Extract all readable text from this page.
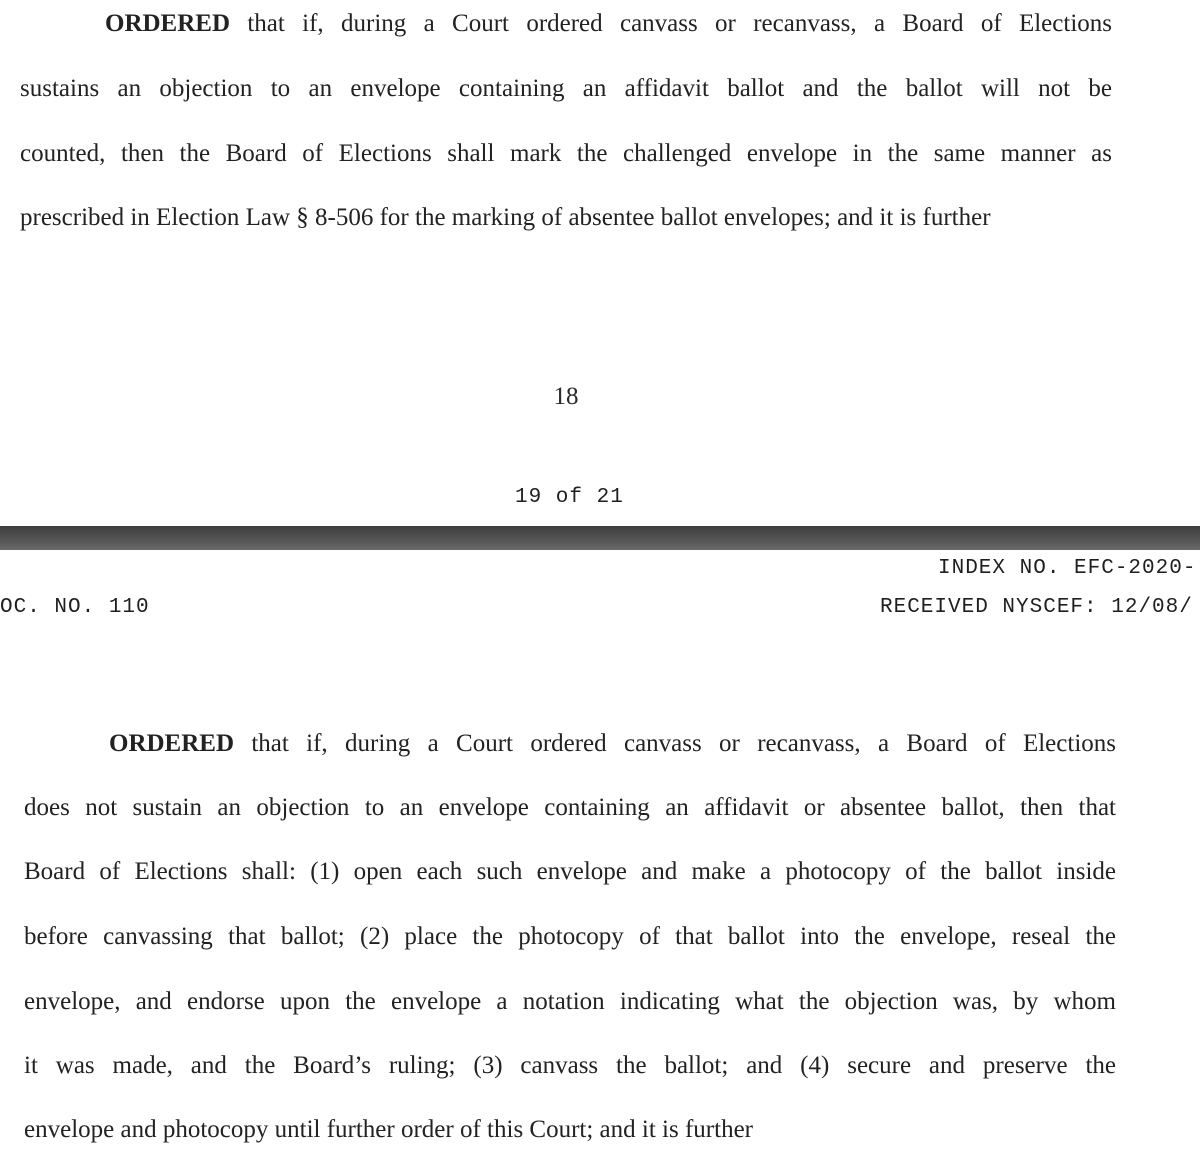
ORDERED that if, during a Court ordered canvass or recanvass, a Board of Elections
sustains an objection to an envelope containing an affidavit ballot and the ballot will not be
counted, then the Board of Elections shall mark the challenged envelope in the same manner as
prescribed in Election Law § 8-506 for the marking of absentee ballot envelopes; and it is further
18
19 of 21
INDEX NO. EFC-2020-
OC. NO. 110	RECEIVED NYSCEF: 12/08/
ORDERED that if, during a Court ordered canvass or recanvass, a Board of Elections
does not sustain an objection to an envelope containing an affidavit or absentee ballot, then that
Board of Elections shall: (1) open each such envelope and make a photocopy of the ballot inside
before canvassing that ballot; (2) place the photocopy of that ballot into the envelope, reseal the
envelope, and endorse upon the envelope a notation indicating what the objection was, by whom
it was made, and the Board’s ruling; (3) canvass the ballot; and (4) secure and preserve the
envelope and photocopy until further order of this Court; and it is further
